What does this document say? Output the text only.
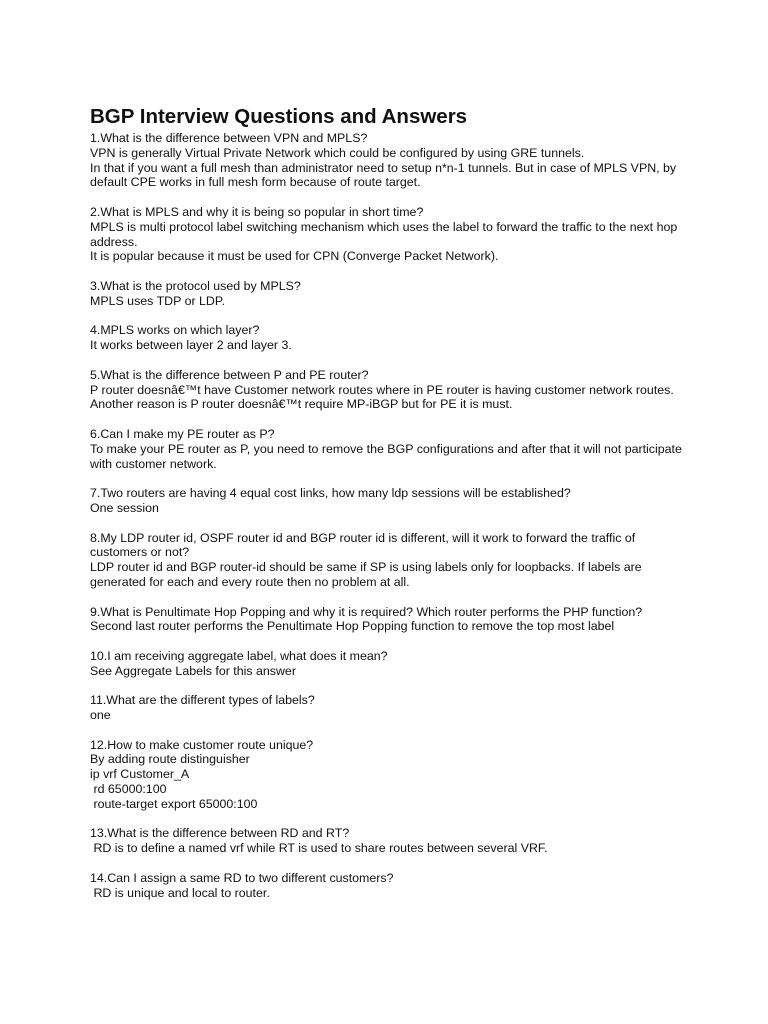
BGP Interview Questions and Answers

1.What is the difference between VPN and MPLS?

VPN is generally Virtual Private Network which could be configured by using GRE tunnels.

In that if you want a full mesh than administrator need to setup n*n-1 tunnels. But in case of MPLS VPN, by default CPE works in full mesh form because of route target.

2.What is MPLS and why it is being so popular in short time?

MPLS is multi protocol label switching mechanism which uses the label to forward the traffic to the next hop address.

It is popular because it must be used for CPN (Converge Packet Network).

3.What is the protocol used by MPLS?

MPLS uses TDP or LDP.

4.MPLS works on which layer?

It works between layer 2 and layer 3.

5.What is the difference between P and PE router?

P router doesnâ€™t have Customer network routes where in PE router is having customer network routes.

Another reason is P router doesnâ€™t require MP-iBGP but for PE it is must.

6.Can I make my PE router as P?

To make your PE router as P, you need to remove the BGP configurations and after that it will not participate with customer network.

7.Two routers are having 4 equal cost links, how many ldp sessions will be established?

One session

8.My LDP router id, OSPF router id and BGP router id is different, will it work to forward the traffic of customers or not?

LDP router id and BGP router-id should be same if SP is using labels only for loopbacks. If labels are generated for each and every route then no problem at all.

9.What is Penultimate Hop Popping and why it is required? Which router performs the PHP function?

Second last router performs the Penultimate Hop Popping function to remove the top most label

10.I am receiving aggregate label, what does it mean?

See Aggregate Labels for this answer

11.What are the different types of labels?

one

12.How to make customer route unique?

By adding route distinguisher

ip vrf Customer_A

rd 65000:100

route-target export 65000:100

13.What is the difference between RD and RT?

RD is to define a named vrf while RT is used to share routes between several VRF.

14.Can I assign a same RD to two different customers?

RD is unique and local to router.
